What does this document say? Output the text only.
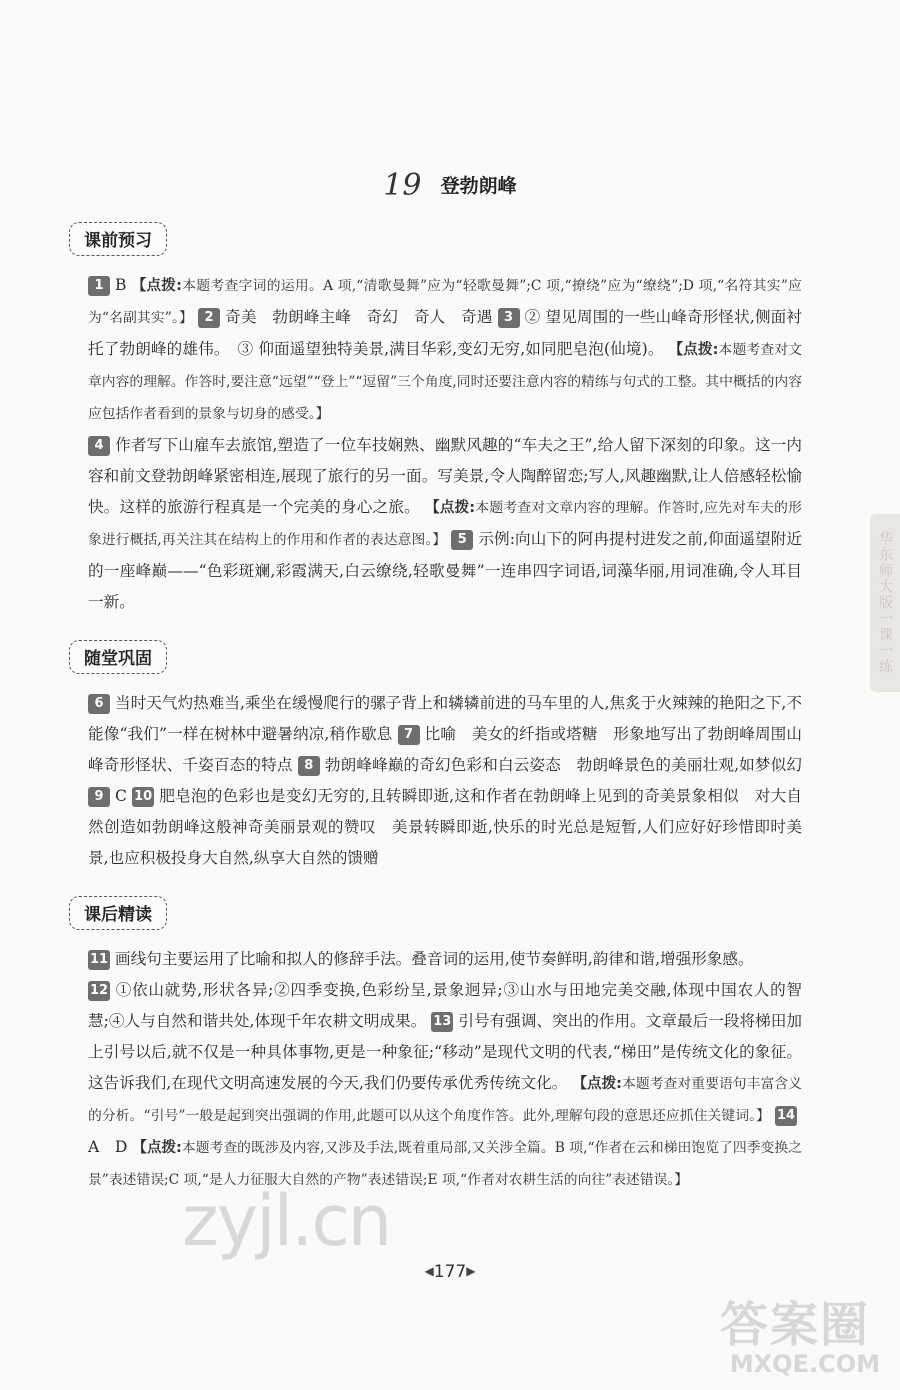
19 登勃朗峰
课前预习

1 B 【点拨:本题考查字词的运用。A 项,“清歌曼舞”应为“轻歌曼舞”;C 项,“撩绕”应为“缭绕”;D 项,“名符其实”应为“名副其实”。】 2 奇美　勃朗峰主峰　奇幻　奇人　奇遇 3 ② 望见周围的一些山峰奇形怪状,侧面衬托了勃朗峰的雄伟。　③ 仰面遥望独特美景,满目华彩,变幻无穷,如同肥皂泡(仙境)。 【点拨:本题考查对文章内容的理解。作答时,要注意“远望”“登上”“逗留”三个角度,同时还要注意内容的精练与句式的工整。其中概括的内容应包括作者看到的景象与切身的感受。】

4 作者写下山雇车去旅馆,塑造了一位车技娴熟、幽默风趣的“车夫之王”,给人留下深刻的印象。这一内容和前文登勃朗峰紧密相连,展现了旅行的另一面。写美景,令人陶醉留恋;写人,风趣幽默,让人倍感轻松愉快。这样的旅游行程真是一个完美的身心之旅。 【点拨:本题考查对文章内容的理解。作答时,应先对车夫的形象进行概括,再关注其在结构上的作用和作者的表达意图。】 5 示例:向山下的阿冉提村进发之前,仰面遥望附近的一座峰巅——“色彩斑斓,彩霞满天,白云缭绕,轻歌曼舞”一连串四字词语,词藻华丽,用词准确,令人耳目一新。

随堂巩固

6 当时天气灼热难当,乘坐在缓慢爬行的骡子背上和辚辚前进的马车里的人,焦炙于火辣辣的艳阳之下,不能像“我们”一样在树林中避暑纳凉,稍作歇息 7 比喻　美女的纤指或塔糖　形象地写出了勃朗峰周围山峰奇形怪状、千姿百态的特点 8 勃朗峰峰巅的奇幻色彩和白云姿态　勃朗峰景色的美丽壮观,如梦似幻 9 C 10 肥皂泡的色彩也是变幻无穷的,且转瞬即逝,这和作者在勃朗峰上见到的奇美景象相似　对大自然创造如勃朗峰这般神奇美丽景观的赞叹　美景转瞬即逝,快乐的时光总是短暂,人们应好好珍惜即时美景,也应积极投身大自然,纵享大自然的馈赠

课后精读

11 画线句主要运用了比喻和拟人的修辞手法。叠音词的运用,使节奏鲜明,韵律和谐,增强形象感。

12 ①依山就势,形状各异;②四季变换,色彩纷呈,景象迥异;③山水与田地完美交融,体现中国农人的智慧;④人与自然和谐共处,体现千年农耕文明成果。 13 引号有强调、突出的作用。文章最后一段将梯田加上引号以后,就不仅是一种具体事物,更是一种象征;“移动”是现代文明的代表,“梯田”是传统文化的象征。这告诉我们,在现代文明高速发展的今天,我们仍要传承优秀传统文化。 【点拨:本题考查对重要语句丰富含义的分析。“引号”一般是起到突出强调的作用,此题可以从这个角度作答。此外,理解句段的意思还应抓住关键词。】 14A　D 【点拨:本题考查的既涉及内容,又涉及手法,既着重局部,又关涉全篇。B 项,“作者在云和梯田饱览了四季变换之景”表述错误;C 项,“是人力征服大自然的产物”表述错误;E 项,“作者对农耕生活的向往”表述错误。】

华东师大版一课一练
zyjl.cn
◀177▶
答案圈
MXQE.COM
